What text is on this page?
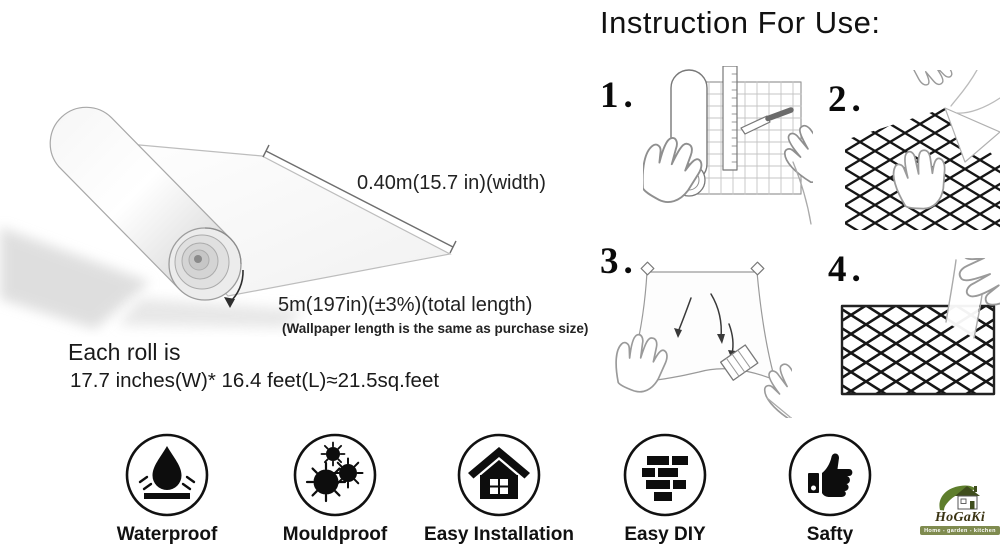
0.40m(15.7 in)(width)
5m(197in)(±3%)(total length)
(Wallpaper length is the same as purchase size)
Each roll is
17.7 inches(W)* 16.4 feet(L)≈21.5sq.feet
Instruction For Use:
1.	2.
3.	4.
Waterproof	Mouldproof Easy Installation	Easy DIY	Safty
HoGaKi
Home - garden - kitchen
